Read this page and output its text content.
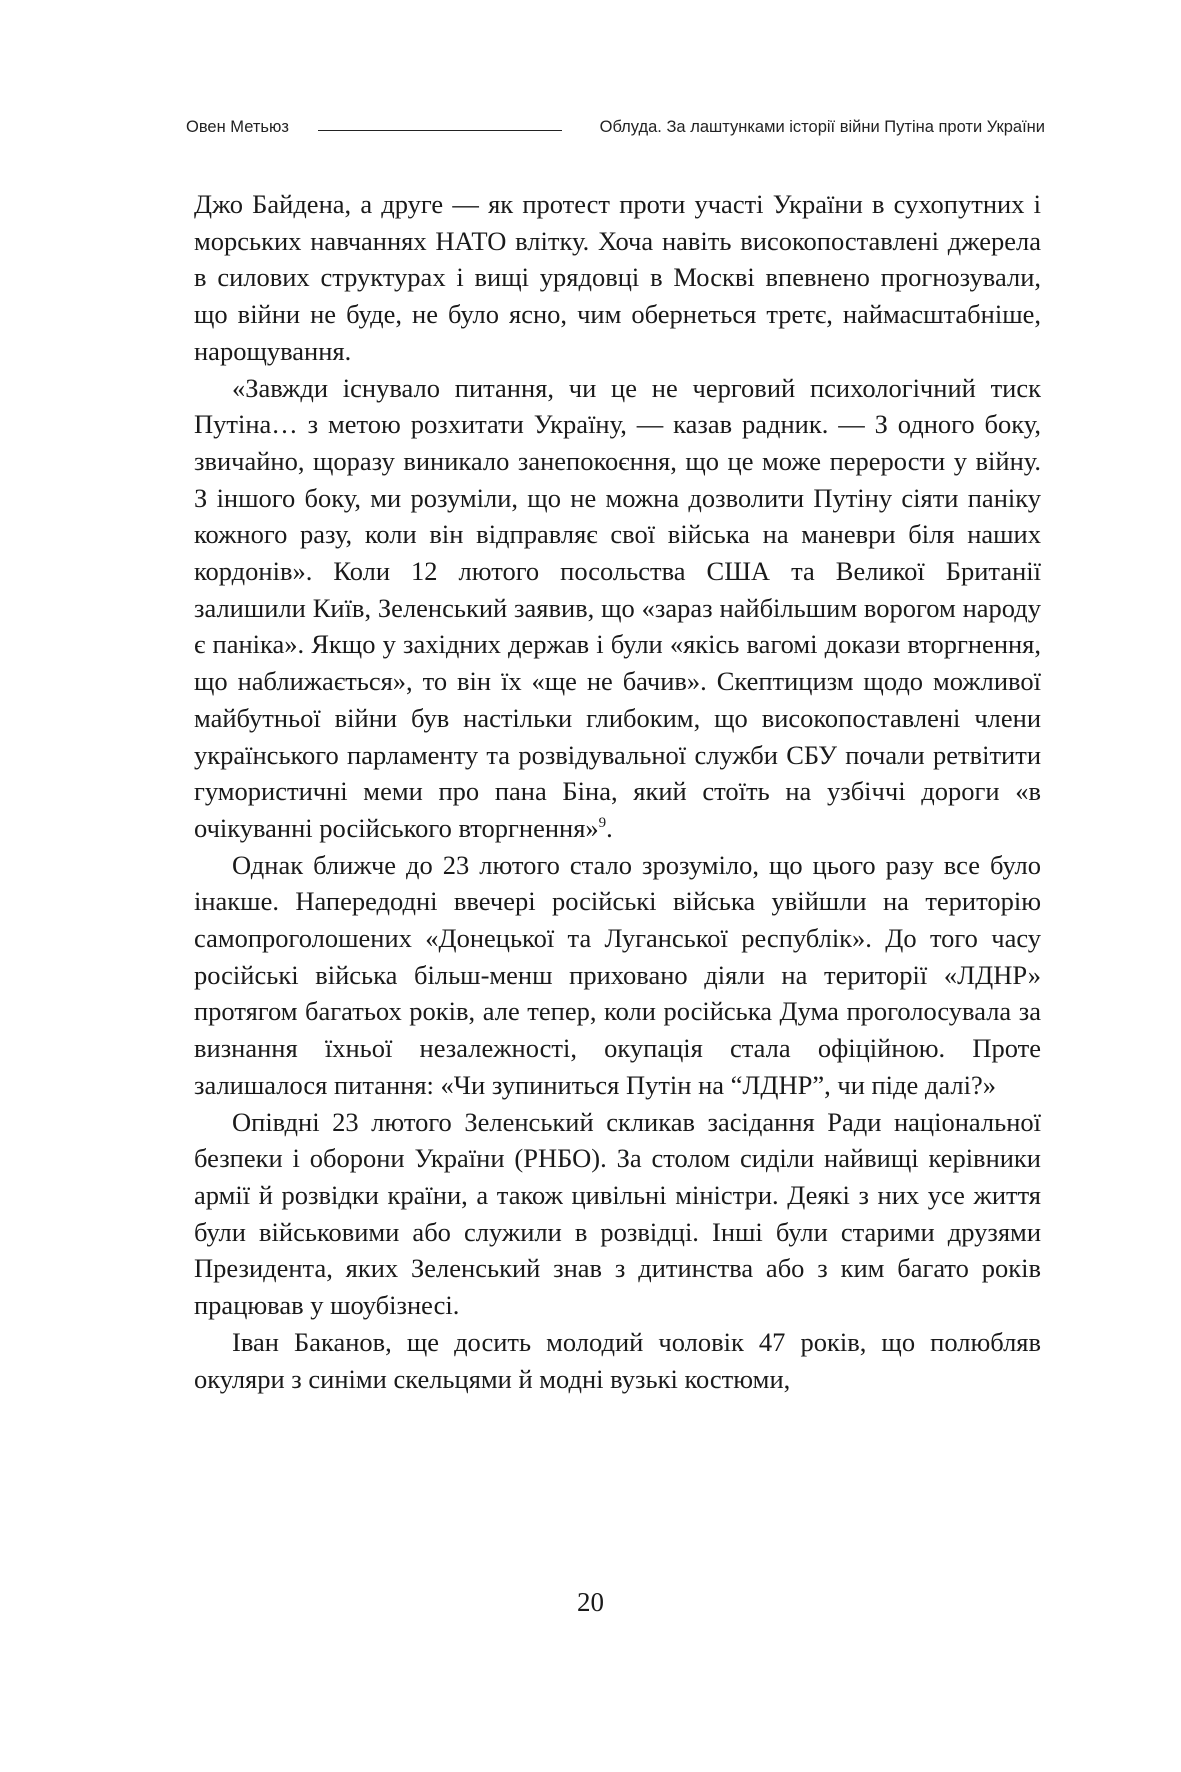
Овен Метьюз	Облуда. За лаштунками історії війни Путіна проти України

Джо Байдена, а друге — як протест проти участі України в сухопутних і морських навчаннях НАТО влітку. Хоча навіть високопоставлені джерела в силових структурах і вищі урядовці в Москві впевнено прогнозували, що війни не буде, не було ясно, чим обернеться третє, наймасштабніше, нарощування.

«Завжди існувало питання, чи це не черговий психологічний тиск Путіна… з метою розхитати Україну, — казав радник. — З одного боку, звичайно, щоразу виникало занепокоєння, що це може перерости у війну. З іншого боку, ми розуміли, що не можна дозволити Путіну сіяти паніку кожного разу, коли він відправляє свої війська на маневри біля наших кордонів». Коли 12 лютого посольства США та Великої Британії залишили Київ, Зеленський заявив, що «зараз найбільшим ворогом народу є паніка». Якщо у західних держав і були «якісь вагомі докази вторгнення, що наближається», то він їх «ще не бачив». Скептицизм щодо можливої майбутньої війни був настільки глибоким, що високопоставлені члени українського парламенту та розвідувальної служби СБУ почали ретвітити гумористичні меми про пана Біна, який стоїть на узбіччі дороги «в очікуванні російського вторгнення»$^9$.

Однак ближче до 23 лютого стало зрозуміло, що цього разу все було інакше. Напередодні ввечері російські війська увійшли на територію самопроголошених «Донецької та Луганської республік». До того часу російські війська більш-менш приховано діяли на території «ЛДНР» протягом багатьох років, але тепер, коли російська Дума проголосувала за визнання їхньої незалежності, окупація стала офіційною. Проте залишалося питання: «Чи зупиниться Путін на “ЛДНР”, чи піде далі?»

Опівдні 23 лютого Зеленський скликав засідання Ради національної безпеки і оборони України (РНБО). За столом сиділи найвищі керівники армії й розвідки країни, а також цивільні міністри. Деякі з них усе життя були військовими або служили в розвідці. Інші були старими друзями Президента, яких Зеленський знав з дитинства або з ким багато років працював у шоубізнесі.

Іван Баканов, ще досить молодий чоловік 47 років, що полюбляв окуляри з синіми скельцями й модні вузькі костюми,

20
